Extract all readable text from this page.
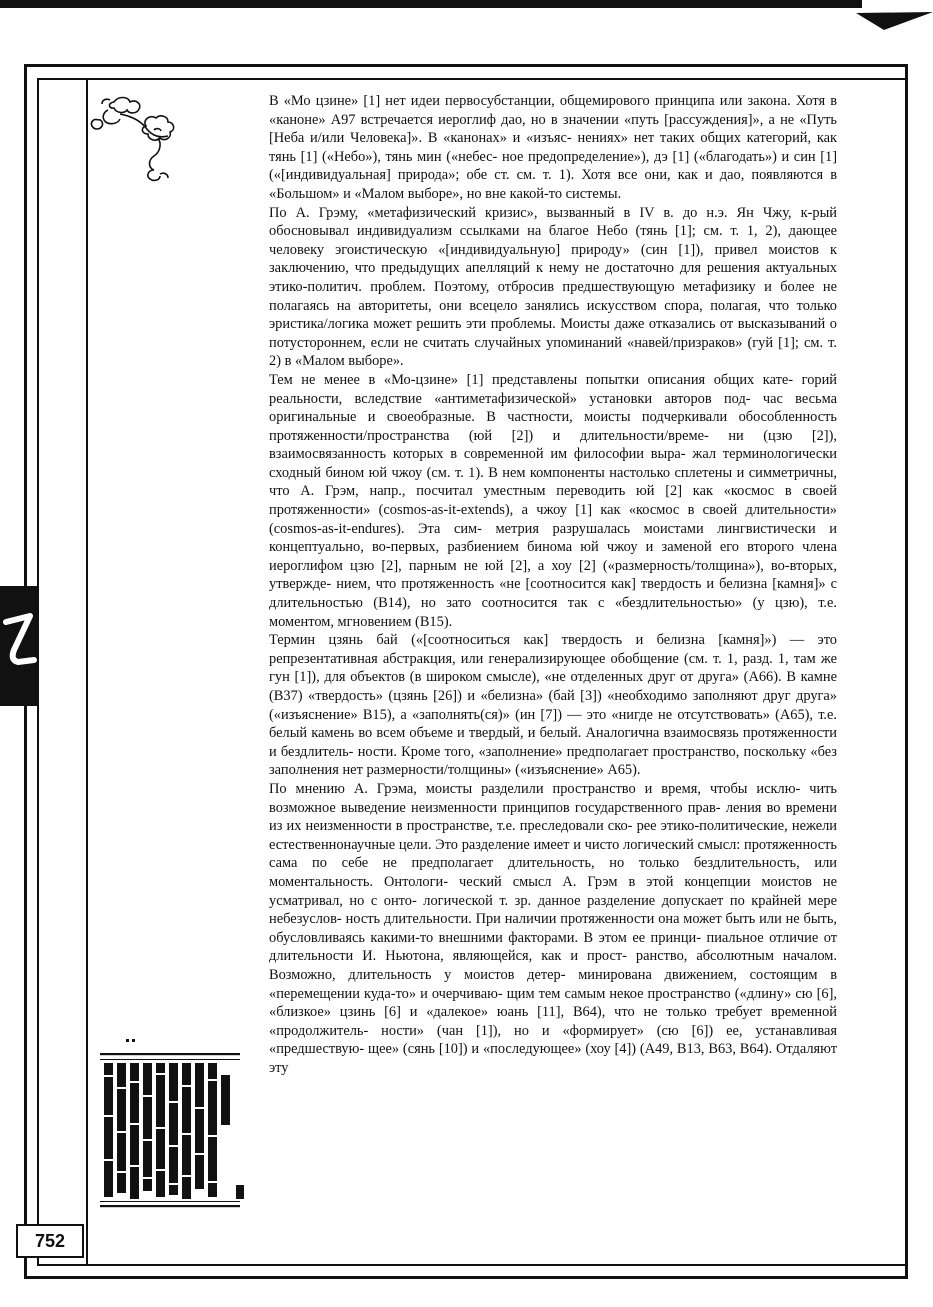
752

В «Мо цзине» [1] нет идеи первосубстанции, общемирового принципа или закона. Хотя в «каноне» А97 встречается иероглиф дао, но в значении «путь [рассуждения]», а не «Путь [Неба и/или Человека]». В «канонах» и «изъяс- нениях» нет таких общих категорий, как тянь [1] («Небо»), тянь мин («небес- ное предопределение»), дэ [1] («благодать») и син [1] («[индивидуальная] природа»; обе ст. см. т. 1). Хотя все они, как и дао, появляются в «Большом» и «Малом выборе», но вне какой-то системы.

По А. Грэму, «метафизический кризис», вызванный в IV в. до н.э. Ян Чжу, к-рый обосновывал индивидуализм ссылками на благое Небо (тянь [1]; см. т. 1, 2), дающее человеку эгоистическую «[индивидуальную] природу» (син [1]), привел моистов к заключению, что предыдущих апелляций к нему не достаточно для решения актуальных этико-политич. проблем. Поэтому, отбросив предшествующую метафизику и более не полагаясь на авторитеты, они всецело занялись искусством спора, полагая, что только эристика/логика может решить эти проблемы. Моисты даже отказались от высказываний о потустороннем, если не считать случайных упоминаний «навей/призраков» (гуй [1]; см. т. 2) в «Малом выборе».

Тем не менее в «Мо-цзине» [1] представлены попытки описания общих кате- горий реальности, вследствие «антиметафизической» установки авторов под- час весьма оригинальные и своеобразные. В частности, моисты подчеркивали обособленность протяженности/пространства (юй [2]) и длительности/време- ни (цзю [2]), взаимосвязанность которых в современной им философии выра- жал терминологически сходный бином юй чжоу (см. т. 1). В нем компоненты настолько сплетены и симметричны, что А. Грэм, напр., посчитал уместным переводить юй [2] как «космос в своей протяженности» (cosmos-as-it-extends), а чжоу [1] как «космос в своей длительности» (cosmos-as-it-endures). Эта сим- метрия разрушалась моистами лингвистически и концептуально, во-первых, разбиением бинома юй чжоу и заменой его второго члена иероглифом цзю [2], парным не юй [2], а хоу [2] («размерность/толщина»), во-вторых, утвержде- нием, что протяженность «не [соотносится как] твердость и белизна [камня]» с длительностью (B14), но зато соотносится так с «бездлительностью» (у цзю), т.е. моментом, мгновением (B15).

Термин цзянь бай («[соотноситься как] твердость и белизна [камня]») — это репрезентативная абстракция, или генерализирующее обобщение (см. т. 1, разд. 1, там же гун [1]), для объектов (в широком смысле), «не отделенных друг от друга» (A66). В камне (B37) «твердость» (цзянь [26]) и «белизна» (бай [3]) «необходимо заполняют друг друга» («изъяснение» B15), а «заполнять(ся)» (ин [7]) — это «нигде не отсутствовать» (A65), т.е. белый камень во всем объеме и твердый, и белый. Аналогична взаимосвязь протяженности и бездлитель- ности. Кроме того, «заполнение» предполагает пространство, поскольку «без заполнения нет размерности/толщины» («изъяснение» A65).

По мнению А. Грэма, моисты разделили пространство и время, чтобы исклю- чить возможное выведение неизменности принципов государственного прав- ления во времени из их неизменности в пространстве, т.е. преследовали ско- рее этико-политические, нежели естественнонаучные цели. Это разделение имеет и чисто логический смысл: протяженность сама по себе не предполагает длительность, но только бездлительность, или моментальность. Онтологи- ческий смысл А. Грэм в этой концепции моистов не усматривал, но с онто- логической т. зр. данное разделение допускает по крайней мере небезуслов- ность длительности. При наличии протяженности она может быть или не быть, обусловливаясь какими-то внешними факторами. В этом ее принци- пиальное отличие от длительности И. Ньютона, являющейся, как и прост- ранство, абсолютным началом. Возможно, длительность у моистов детер- минирована движением, состоящим в «перемещении куда-то» и очерчиваю- щим тем самым некое пространство («длину» сю [6], «близкое» цзинь [6] и «далекое» юань [11], B64), что не только требует временной «продолжитель- ности» (чан [1]), но и «формирует» (сю [6]) ее, устанавливая «предшествую- щее» (сянь [10]) и «последующее» (хоу [4]) (A49, B13, B63, B64). Отдаляют эту
